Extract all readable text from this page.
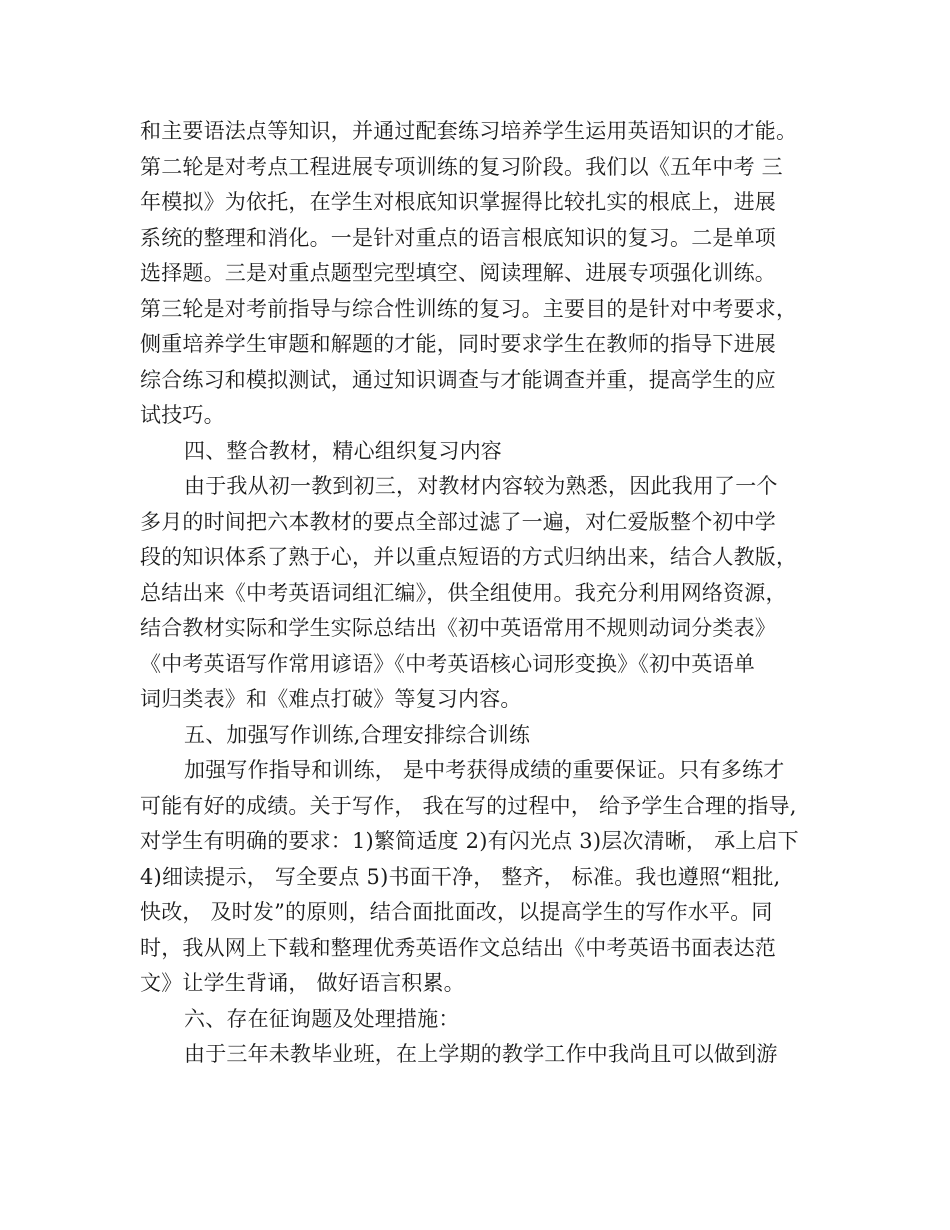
和主要语法点等知识，并通过配套练习培养学生运用英语知识的才能。
第二轮是对考点工程进展专项训练的复习阶段。我们以《五年中考 三
年模拟》为依托，在学生对根底知识掌握得比较扎实的根底上，进展
系统的整理和消化。一是针对重点的语言根底知识的复习。二是单项
选择题。三是对重点题型完型填空、阅读理解、进展专项强化训练。
第三轮是对考前指导与综合性训练的复习。主要目的是针对中考要求，
侧重培养学生审题和解题的才能，同时要求学生在教师的指导下进展
综合练习和模拟测试，通过知识调查与才能调查并重，提高学生的应
试技巧。
四、整合教材，精心组织复习内容
由于我从初一教到初三，对教材内容较为熟悉，因此我用了一个
多月的时间把六本教材的要点全部过滤了一遍，对仁爱版整个初中学
段的知识体系了熟于心，并以重点短语的方式归纳出来，结合人教版，
总结出来《中考英语词组汇编》，供全组使用。我充分利用网络资源，
结合教材实际和学生实际总结出《初中英语常用不规则动词分类表》
《中考英语写作常用谚语》《中考英语核心词形变换》《初中英语单
词归类表》和《难点打破》等复习内容。
五、加强写作训练,合理安排综合训练
加强写作指导和训练， 是中考获得成绩的重要保证。只有多练才
可能有好的成绩。关于写作， 我在写的过程中， 给予学生合理的指导,
对学生有明确的要求：1)繁简适度 2)有闪光点 3)层次清晰， 承上启下
4)细读提示， 写全要点 5)书面干净， 整齐， 标准。我也遵照“粗批,
快改， 及时发”的原则，结合面批面改，以提高学生的写作水平。同
时，我从网上下载和整理优秀英语作文总结出《中考英语书面表达范
文》让学生背诵， 做好语言积累。
六、存在征询题及处理措施：
由于三年未教毕业班，在上学期的教学工作中我尚且可以做到游
